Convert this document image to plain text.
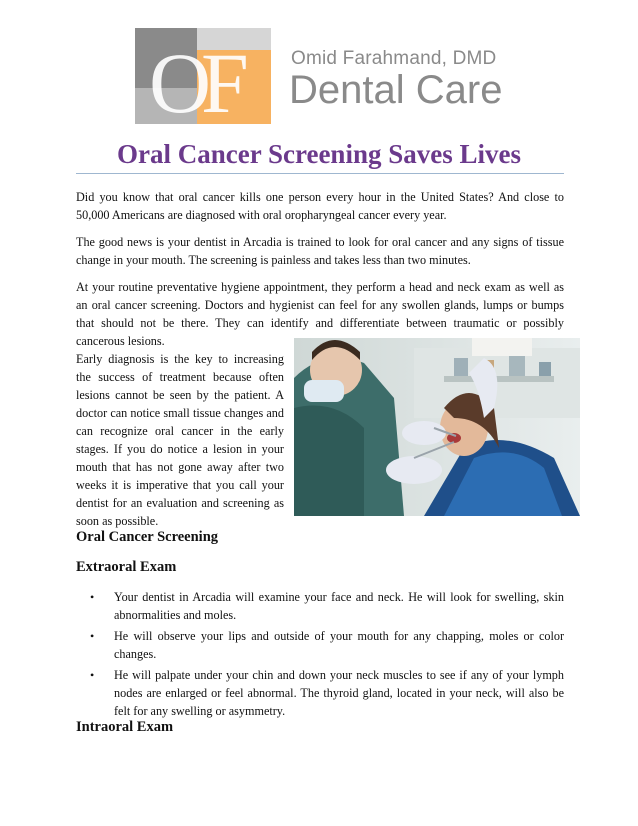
O
F Omid Farahmand, DMD
Dental Care
Oral Cancer Screening Saves Lives

Did you know that oral cancer kills one person every hour in the United States? And close to 50,000 Americans are diagnosed with oral oropharyngeal cancer every year.

The good news is your dentist in Arcadia is trained to look for oral cancer and any signs of tissue change in your mouth. The screening is painless and takes less than two minutes.

At your routine preventative hygiene appointment, they perform a head and neck exam as well as an oral cancer screening. Doctors and hygienist can feel for any swollen glands, lumps or bumps that should not be there. They can identify and differentiate between traumatic or possibly cancerous lesions.

Early diagnosis is the key to increasing the success of treatment because often lesions cannot be seen by the patient. A doctor can notice small tissue changes and can recognize oral cancer in the early stages. If you do notice a lesion in your mouth that has not gone away after two weeks it is imperative that you call your dentist for an evaluation and screening as soon as possible.

Oral Cancer Screening
Extraoral Exam
• Your dentist in Arcadia will examine your face and neck. He will look for swelling, skin abnormalities and moles.
• He will observe your lips and outside of your mouth for any chapping, moles or color changes.
• He will palpate under your chin and down your neck muscles to see if any of your lymph nodes are enlarged or feel abnormal. The thyroid gland, located in your neck, will also be felt for any swelling or asymmetry.
Intraoral Exam
